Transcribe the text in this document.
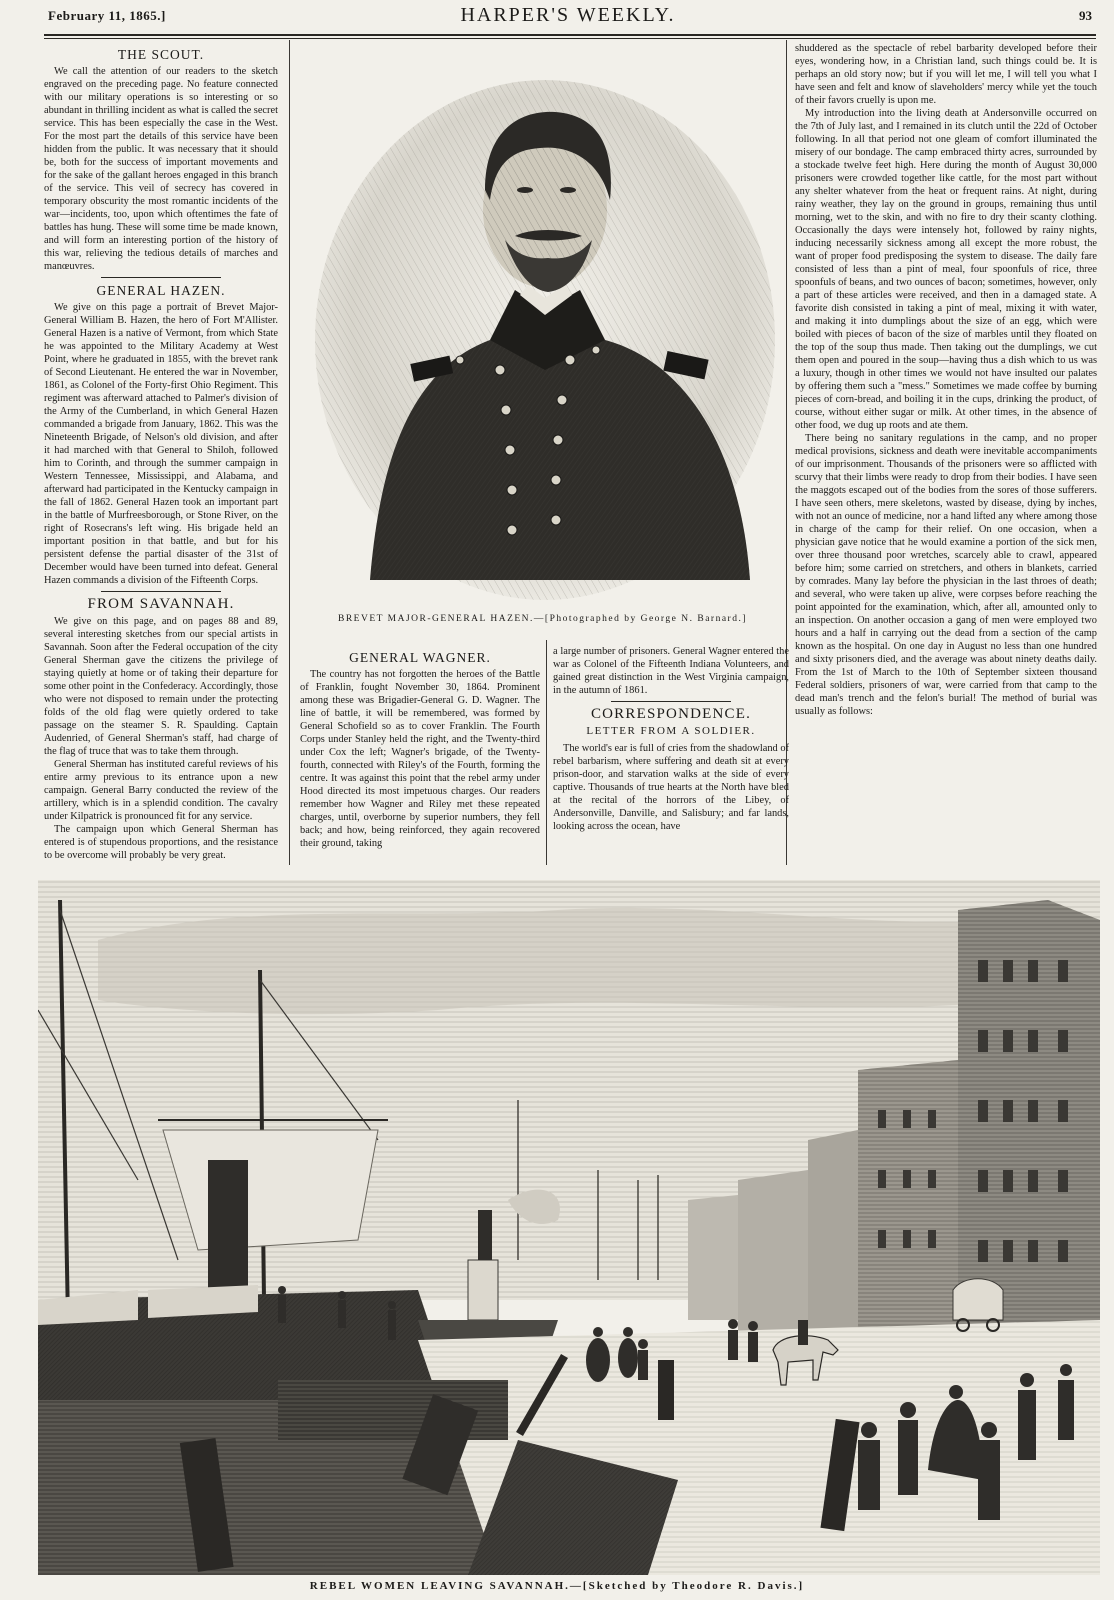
February 11, 1865.]	HARPER'S WEEKLY.	93
THE SCOUT.

We call the attention of our readers to the sketch engraved on the preceding page. No feature connected with our military operations is so interesting or so abundant in thrilling incident as what is called the secret service. This has been especially the case in the West. For the most part the details of this service have been hidden from the public. It was necessary that it should be, both for the success of important movements and for the sake of the gallant heroes engaged in this branch of the service. This veil of secrecy has covered in temporary obscurity the most romantic incidents of the war—incidents, too, upon which oftentimes the fate of battles has hung. These will some time be made known, and will form an interesting portion of the history of this war, relieving the tedious details of marches and manœuvres.

GENERAL HAZEN.

We give on this page a portrait of Brevet Major-General William B. Hazen, the hero of Fort M'Allister. General Hazen is a native of Vermont, from which State he was appointed to the Military Academy at West Point, where he graduated in 1855, with the brevet rank of Second Lieutenant. He entered the war in November, 1861, as Colonel of the Forty-first Ohio Regiment. This regiment was afterward attached to Palmer's division of the Army of the Cumberland, in which General Hazen commanded a brigade from January, 1862. This was the Nineteenth Brigade, of Nelson's old division, and after it had marched with that General to Shiloh, followed him to Corinth, and through the summer campaign in Western Tennessee, Mississippi, and Alabama, and afterward had participated in the Kentucky campaign in the fall of 1862. General Hazen took an important part in the battle of Murfreesborough, or Stone River, on the right of Rosecrans's left wing. His brigade held an important position in that battle, and but for his persistent defense the partial disaster of the 31st of December would have been turned into defeat. General Hazen commands a division of the Fifteenth Corps.

FROM SAVANNAH.

We give on this page, and on pages 88 and 89, several interesting sketches from our special artists in Savannah. Soon after the Federal occupation of the city General Sherman gave the citizens the privilege of staying quietly at home or of taking their departure for some other point in the Confederacy. Accordingly, those who were not disposed to remain under the protecting folds of the old flag were quietly ordered to take passage on the steamer S. R. Spaulding. Captain Audenried, of General Sherman's staff, had charge of the flag of truce that was to take them through.

General Sherman has instituted careful reviews of his entire army previous to its entrance upon a new campaign. General Barry conducted the review of the artillery, which is in a splendid condition. The cavalry under Kilpatrick is pronounced fit for any service.

The campaign upon which General Sherman has entered is of stupendous proportions, and the resistance to be overcome will probably be very great.

BREVET MAJOR-GENERAL HAZEN.—[Photographed by George N. Barnard.]
GENERAL WAGNER.

The country has not forgotten the heroes of the Battle of Franklin, fought November 30, 1864. Prominent among these was Brigadier-General G. D. Wagner. The line of battle, it will be remembered, was formed by General Schofield so as to cover Franklin. The Fourth Corps under Stanley held the right, and the Twenty-third under Cox the left; Wagner's brigade, of the Twenty-fourth, connected with Riley's of the Fourth, forming the centre. It was against this point that the rebel army under Hood directed its most impetuous charges. Our readers remember how Wagner and Riley met these repeated charges, until, overborne by superior numbers, they fell back; and how, being reinforced, they again recovered their ground, taking

a large number of prisoners. General Wagner entered the war as Colonel of the Fifteenth Indiana Volunteers, and gained great distinction in the West Virginia campaign, in the autumn of 1861.

CORRESPONDENCE.
LETTER FROM A SOLDIER.

The world's ear is full of cries from the shadowland of rebel barbarism, where suffering and death sit at every prison-door, and starvation walks at the side of every captive. Thousands of true hearts at the North have bled at the recital of the horrors of the Libey, of Andersonville, Danville, and Salisbury; and far lands, looking across the ocean, have

shuddered as the spectacle of rebel barbarity developed before their eyes, wondering how, in a Christian land, such things could be. It is perhaps an old story now; but if you will let me, I will tell you what I have seen and felt and know of slaveholders' mercy while yet the touch of their favors cruelly is upon me.

My introduction into the living death at Andersonville occurred on the 7th of July last, and I remained in its clutch until the 22d of October following. In all that period not one gleam of comfort illuminated the misery of our bondage. The camp embraced thirty acres, surrounded by a stockade twelve feet high. Here during the month of August 30,000 prisoners were crowded together like cattle, for the most part without any shelter whatever from the heat or frequent rains. At night, during rainy weather, they lay on the ground in groups, remaining thus until morning, wet to the skin, and with no fire to dry their scanty clothing. Occasionally the days were intensely hot, followed by rainy nights, inducing necessarily sickness among all except the more robust, the want of proper food predisposing the system to disease. The daily fare consisted of less than a pint of meal, four spoonfuls of rice, three spoonfuls of beans, and two ounces of bacon; sometimes, however, only a part of these articles were received, and then in a damaged state. A favorite dish consisted in taking a pint of meal, mixing it with water, and making it into dumplings about the size of an egg, which were boiled with pieces of bacon of the size of marbles until they floated on the top of the soup thus made. Then taking out the dumplings, we cut them open and poured in the soup—having thus a dish which to us was a luxury, though in other times we would not have insulted our palates by offering them such a "mess." Sometimes we made coffee by burning pieces of corn-bread, and boiling it in the cups, drinking the product, of course, without either sugar or milk. At other times, in the absence of other food, we dug up roots and ate them.

There being no sanitary regulations in the camp, and no proper medical provisions, sickness and death were inevitable accompaniments of our imprisonment. Thousands of the prisoners were so afflicted with scurvy that their limbs were ready to drop from their bodies. I have seen the maggots escaped out of the bodies from the sores of those sufferers. I have seen others, mere skeletons, wasted by disease, dying by inches, with not an ounce of medicine, nor a hand lifted any where among those in charge of the camp for their relief. On one occasion, when a physician gave notice that he would examine a portion of the sick men, over three thousand poor wretches, scarcely able to crawl, appeared before him; some carried on stretchers, and others in blankets, carried by comrades. Many lay before the physician in the last throes of death; and several, who were taken up alive, were corpses before reaching the point appointed for the examination, which, after all, amounted only to an inspection. On another occasion a gang of men were employed two hours and a half in carrying out the dead from a section of the camp known as the hospital. On one day in August no less than one hundred and sixty prisoners died, and the average was about ninety deaths daily. From the 1st of March to the 10th of September sixteen thousand Federal soldiers, prisoners of war, were carried from that camp to the dead man's trench and the felon's burial! The method of burial was usually as follows:

REBEL WOMEN LEAVING SAVANNAH.—[Sketched by Theodore R. Davis.]
